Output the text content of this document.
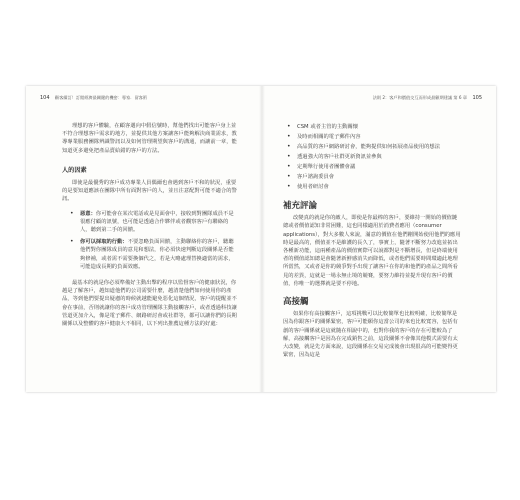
104 顧客續訂！訂閱經濟最關鍵的機密：專家．留客術

理想的客戶體驗，在顧客邁向中假信號時，幫他們找出可能客戶身上並不符合理想客戶需求的地方，並提供其他方案讓客戶能夠解決商業需求，教導專業服務團隊辨識警訊以及如何管理期望與客戶的溝通，而讓前一章，能知道更多避免把產品賣給錯的客戶的方法。

人的因素

即使是最優秀的客戶成功專業人員偶爾也會遇到客戶不和的狀況，重要的是要知道應該在團隊中所有面對客戶的人，並且注意配對可能不適合的警訊。

• 惡意：你可能會在某次電話或是見面會中，接收到對團隊成員不是很應付顧的訊號，也可能是透過合作夥伴或者觀察客戶有聯絡的人，聽到第二手的回饋。
• 你可以採取的行動：不要忽略負面回饋，主動聯絡你的客戶，聽聽他們對你團隊成員的意見和想法，你必須快速判斷這段關係是否能夠修補，或者需不需要換個代之，若是大略處理替換適當的需求，可能造成長期的負面效應。

最基本的就是你必須準備好主動出擊的程序以監督客戶的健康狀況，你越是了解客戶，越知道他們的公司需要什麼，越清楚他們如何使用你的產品，等到他們要提出疑慮的時候就越能避免惡化這個情況，客戶的提醒並不會在事前，否則就讓你的客戶成功管理團隊主動接觸客戶，或者透過科技讓管道更加介入，像是電子郵件、網路研討會或社群等，都可以讓你們的長期關係以及整體的客戶健康大不相同，以下列出推薦這種方法的好處：

法則 2：客戶和價值交互而形成最顧期建議 第 6 章 105
• CSM 或者主管的主動關懷
• 及時而相關的電子郵件內容
• 高品質的客戶網路研討會，能夠提供如何拓展產品使用的想法
• 透過強大的客戶社群更新資訊並參與
• 定期舉行使用者團體會議
• 客戶諮詢委員會
• 使用者研討會
補充評論

改變真的就是你的敵人，即使是你最棒的客戶，要維持一開始的價值鏈總或者價值認知非常困難，這也同樣適用於消費者應用（consumer applications），對大多數人來說，滿意的價值在他們剛開始使用他們的應用時是最高的，價值並不是維護的長久了，事實上，隨著不斷努力改進並拓出各種新功能，這兩種產品的價值實際可以說都對是不斷增長，但是終端使用者的價值認知總是會隨著新鮮感消失而降低，或者他們需要時間環適此地理所當然，又或者是你的競爭對手出現了讓客戶在你的和他們的產品之間所看見的差異，這就是一場永無止境的競賽，要努力維持並提升現有客戶的價值，你唯一的選擇就是要不停地。

高接觸

如果你有高接觸客戶，這項挑戰可以比較簡單也比較明確，比較簡單是因為你跟客戶的關係緊密，客戶可能願你這當公司的來也比較寬容，包括有創的客戶關係就是這就隨在相說中的，也對你我的客戶的存在可能較為了解，高接觸客戶是因為在完成銷售之前，這段關係不會像其他模式需要有太大改變，就是先方面來說，這段關係在交易完成後會出現很高的可能變得更緊密，因為這是
